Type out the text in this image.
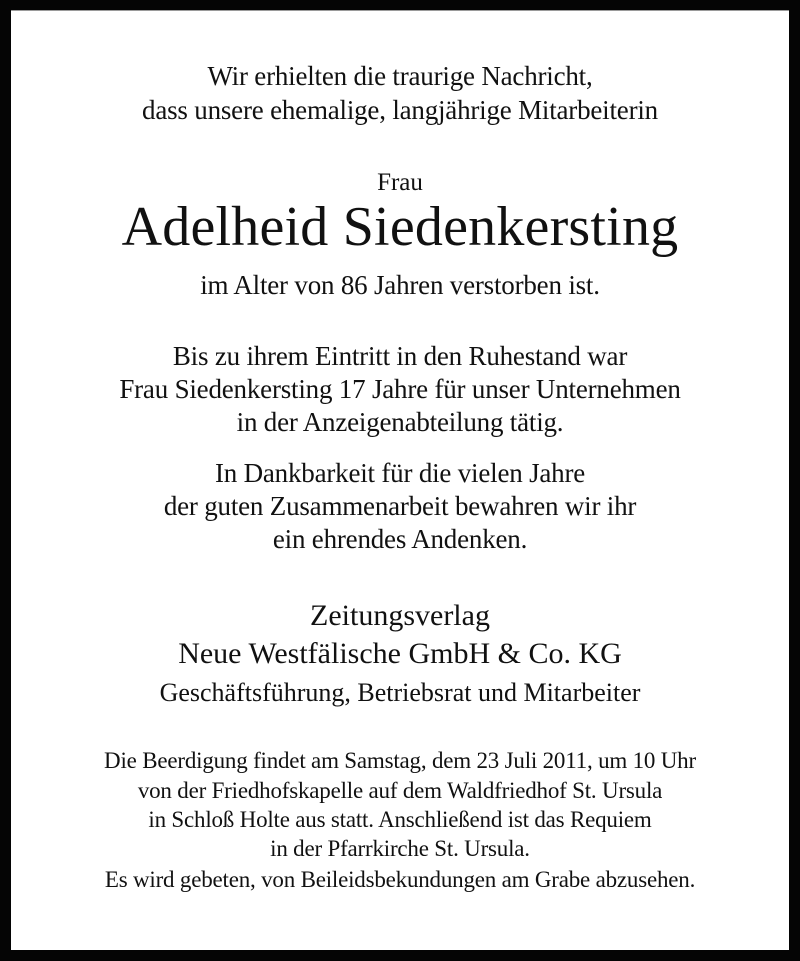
Wir erhielten die traurige Nachricht,
dass unsere ehemalige, langjährige Mitarbeiterin
Frau
Adelheid Siedenkersting
im Alter von 86 Jahren verstorben ist.
Bis zu ihrem Eintritt in den Ruhestand war
Frau Siedenkersting 17 Jahre für unser Unternehmen
in der Anzeigenabteilung tätig.
In Dankbarkeit für die vielen Jahre
der guten Zusammenarbeit bewahren wir ihr
ein ehrendes Andenken.
Zeitungsverlag
Neue Westfälische GmbH & Co. KG
Geschäftsführung, Betriebsrat und Mitarbeiter
Die Beerdigung findet am Samstag, dem 23 Juli 2011, um 10 Uhr
von der Friedhofskapelle auf dem Waldfriedhof St. Ursula
in Schloß Holte aus statt. Anschließend ist das Requiem
in der Pfarrkirche St. Ursula.
Es wird gebeten, von Beileidsbekundungen am Grabe abzusehen.
